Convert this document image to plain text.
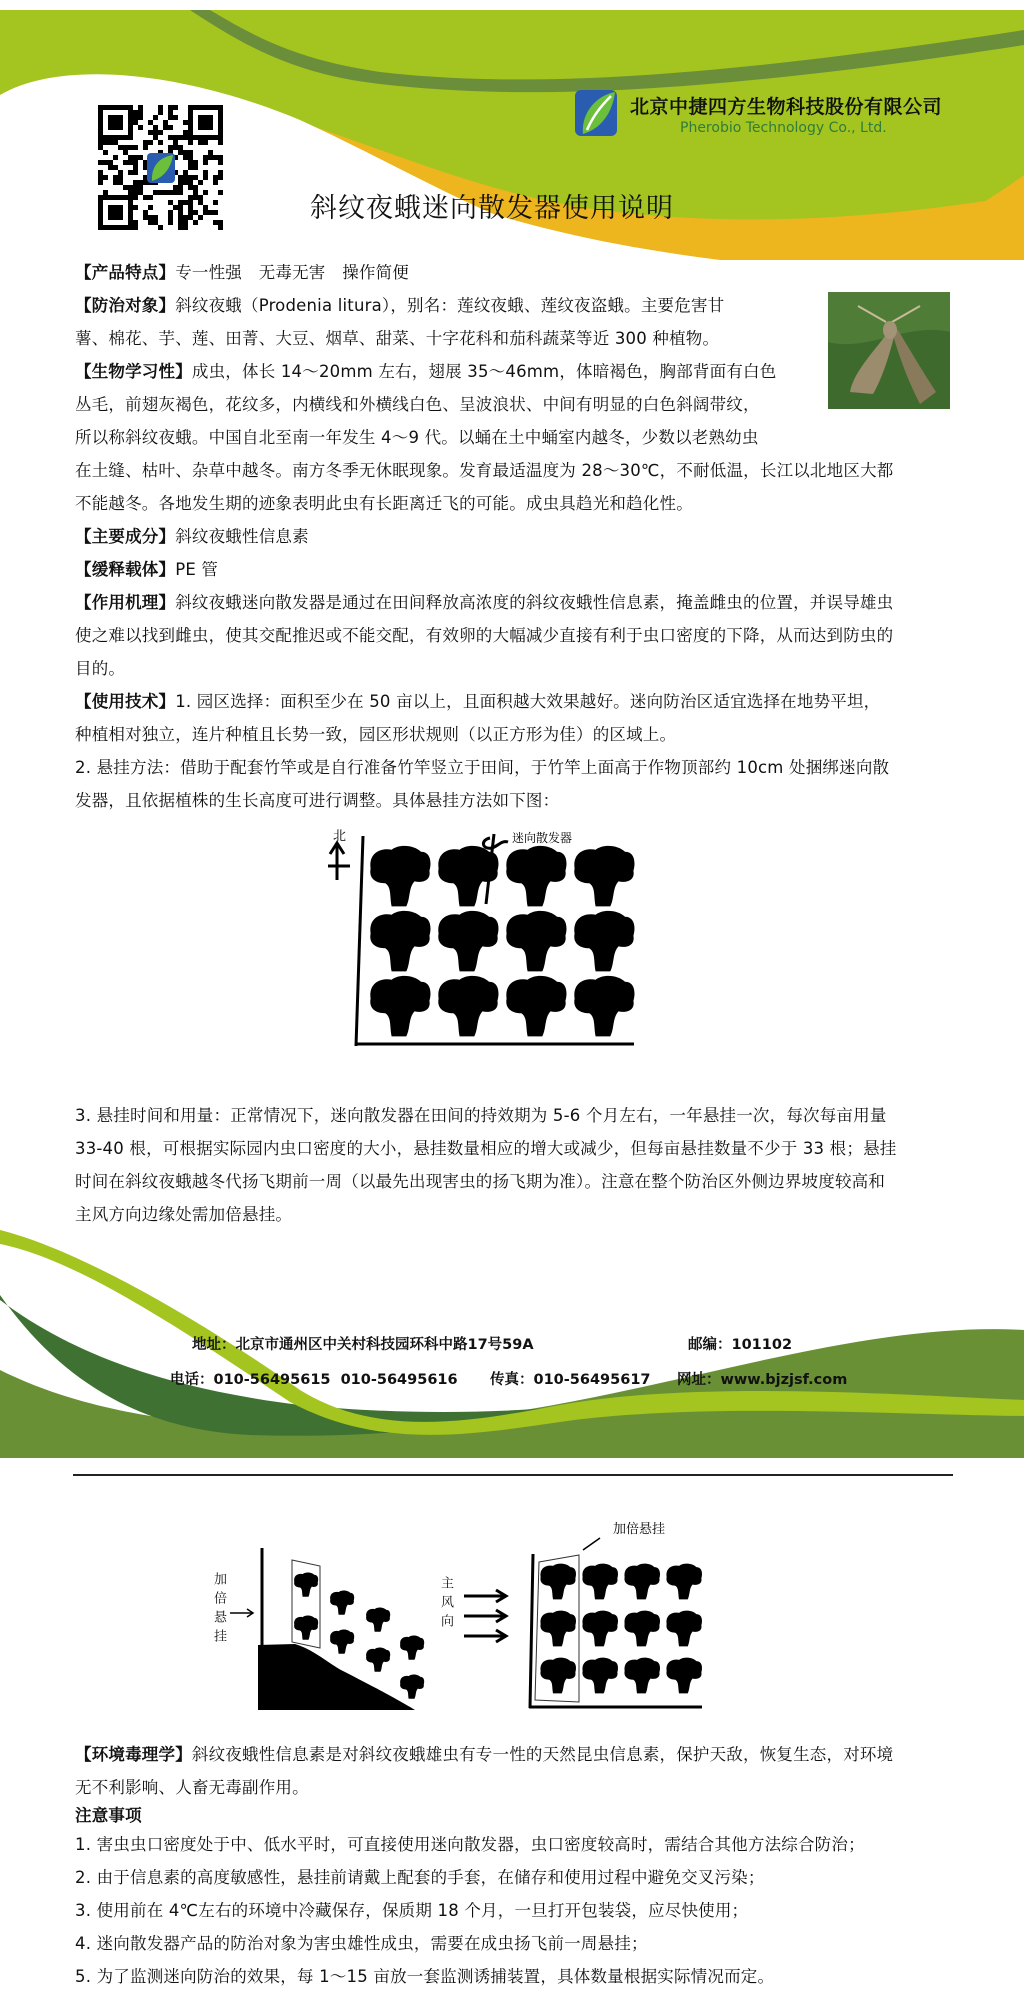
北京中捷四方生物科技股份有限公司
Pherobio Technology Co., Ltd.
斜纹夜蛾迷向散发器使用说明
【产品特点】专一性强　无毒无害　操作简便
【防治对象】斜纹夜蛾（Prodenia litura），别名：莲纹夜蛾、莲纹夜盗蛾。主要危害甘
薯、棉花、芋、莲、田菁、大豆、烟草、甜菜、十字花科和茄科蔬菜等近 300 种植物。
【生物学习性】成虫，体长 14～20mm 左右，翅展 35～46mm，体暗褐色，胸部背面有白色
丛毛，前翅灰褐色，花纹多，内横线和外横线白色、呈波浪状、中间有明显的白色斜阔带纹，
所以称斜纹夜蛾。中国自北至南一年发生 4～9 代。以蛹在土中蛹室内越冬，少数以老熟幼虫
在土缝、枯叶、杂草中越冬。南方冬季无休眠现象。发育最适温度为 28～30℃，不耐低温，长江以北地区大都
不能越冬。各地发生期的迹象表明此虫有长距离迁飞的可能。成虫具趋光和趋化性。
【主要成分】斜纹夜蛾性信息素
【缓释载体】PE 管
【作用机理】斜纹夜蛾迷向散发器是通过在田间释放高浓度的斜纹夜蛾性信息素，掩盖雌虫的位置，并误导雄虫
使之难以找到雌虫，使其交配推迟或不能交配，有效卵的大幅减少直接有利于虫口密度的下降，从而达到防虫的
目的。
【使用技术】1. 园区选择：面积至少在 50 亩以上，且面积越大效果越好。迷向防治区适宜选择在地势平坦，
种植相对独立，连片种植且长势一致，园区形状规则（以正方形为佳）的区域上。
2. 悬挂方法：借助于配套竹竿或是自行准备竹竿竖立于田间，于竹竿上面高于作物顶部约 10cm 处捆绑迷向散
发器，且依据植株的生长高度可进行调整。具体悬挂方法如下图：
北	迷向散发器
3. 悬挂时间和用量：正常情况下，迷向散发器在田间的持效期为 5-6 个月左右，一年悬挂一次，每次每亩用量
33-40 根，可根据实际园内虫口密度的大小，悬挂数量相应的增大或减少，但每亩悬挂数量不少于 33 根；悬挂
时间在斜纹夜蛾越冬代扬飞期前一周（以最先出现害虫的扬飞期为准）。注意在整个防治区外侧边界坡度较高和
主风方向边缘处需加倍悬挂。
地址：北京市通州区中关村科技园环科中路17号59A	邮编：101102
电话：010-56495615  010-56495616 传真：010-56495617 网址：www.bjzjsf.com
加倍悬挂
加倍悬挂	主风向
【环境毒理学】斜纹夜蛾性信息素是对斜纹夜蛾雄虫有专一性的天然昆虫信息素，保护天敌，恢复生态，对环境
无不利影响、人畜无毒副作用。
注意事项
1. 害虫虫口密度处于中、低水平时，可直接使用迷向散发器，虫口密度较高时，需结合其他方法综合防治；
2. 由于信息素的高度敏感性，悬挂前请戴上配套的手套，在储存和使用过程中避免交叉污染；
3. 使用前在 4℃左右的环境中冷藏保存，保质期 18 个月，一旦打开包装袋，应尽快使用；
4. 迷向散发器产品的防治对象为害虫雄性成虫，需要在成虫扬飞前一周悬挂；
5. 为了监测迷向防治的效果，每 1～15 亩放一套监测诱捕装置，具体数量根据实际情况而定。
